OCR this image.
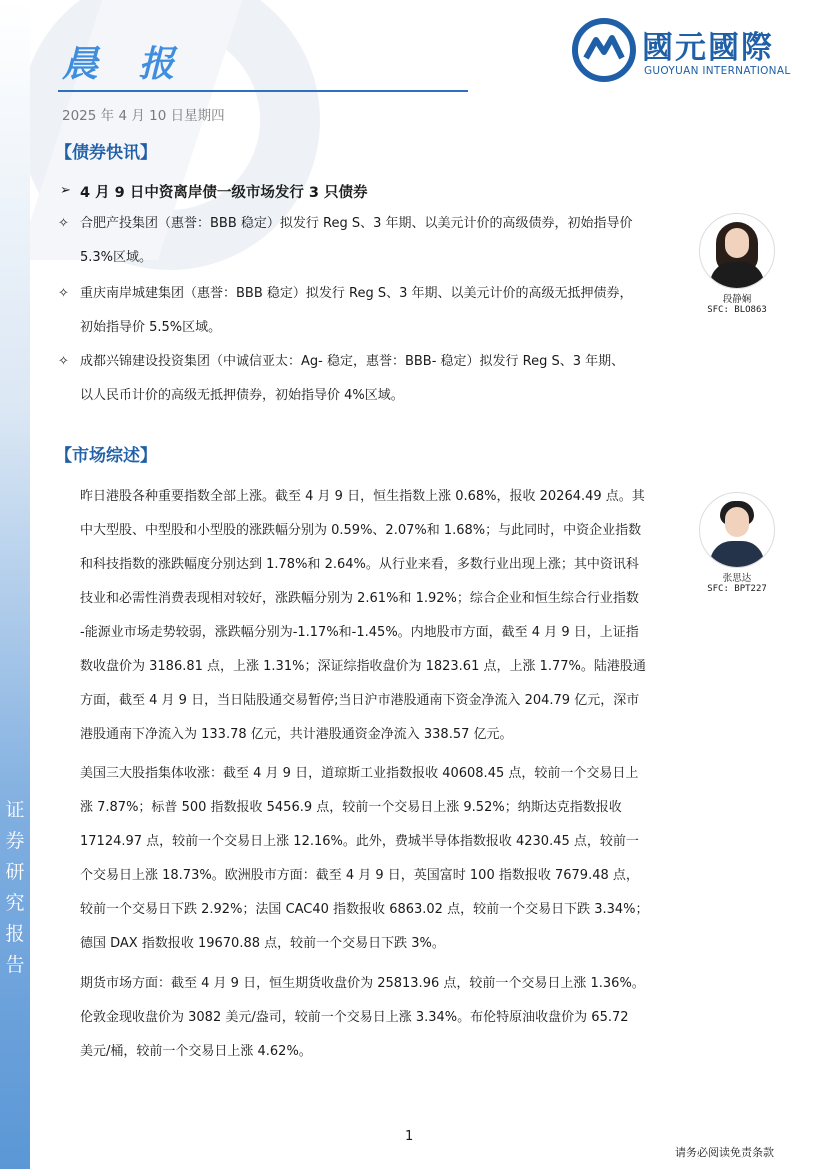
证
券
研
究
报
告
晨 报
2025 年 4 月 10 日星期四
國元國際
GUOYUAN INTERNATIONAL
【债券快讯】
➢ 4 月 9 日中资离岸债一级市场发行 3 只债券
✧ 合肥产投集团（惠誉：BBB 稳定）拟发行 Reg S、3 年期、以美元计价的高级债券，初始指导价
5.3%区域。
✧ 重庆南岸城建集团（惠誉：BBB 稳定）拟发行 Reg S、3 年期、以美元计价的高级无抵押债券，
初始指导价 5.5%区域。
✧ 成都兴锦建设投资集团（中诚信亚太：Ag- 稳定，惠誉：BBB- 稳定）拟发行 Reg S、3 年期、
以人民币计价的高级无抵押债券，初始指导价 4%区域。
【市场综述】
昨日港股各种重要指数全部上涨。截至 4 月 9 日，恒生指数上涨 0.68%，报收 20264.49 点。其
中大型股、中型股和小型股的涨跌幅分别为 0.59%、2.07%和 1.68%；与此同时，中资企业指数
和科技指数的涨跌幅度分别达到 1.78%和 2.64%。从行业来看，多数行业出现上涨；其中资讯科
技业和必需性消费表现相对较好，涨跌幅分别为 2.61%和 1.92%；综合企业和恒生综合行业指数
-能源业市场走势较弱，涨跌幅分别为-1.17%和-1.45%。内地股市方面，截至 4 月 9 日，上证指
数收盘价为 3186.81 点，上涨 1.31%；深证综指收盘价为 1823.61 点，上涨 1.77%。陆港股通
方面，截至 4 月 9 日，当日陆股通交易暂停;当日沪市港股通南下资金净流入 204.79 亿元，深市
港股通南下净流入为 133.78 亿元，共计港股通资金净流入 338.57 亿元。
美国三大股指集体收涨：截至 4 月 9 日，道琼斯工业指数报收 40608.45 点，较前一个交易日上
涨 7.87%；标普 500 指数报收 5456.9 点，较前一个交易日上涨 9.52%；纳斯达克指数报收
17124.97 点，较前一个交易日上涨 12.16%。此外，费城半导体指数报收 4230.45 点，较前一
个交易日上涨 18.73%。欧洲股市方面：截至 4 月 9 日，英国富时 100 指数报收 7679.48 点，
较前一个交易日下跌 2.92%；法国 CAC40 指数报收 6863.02 点，较前一个交易日下跌 3.34%；
德国 DAX 指数报收 19670.88 点，较前一个交易日下跌 3%。
期货市场方面：截至 4 月 9 日，恒生期货收盘价为 25813.96 点，较前一个交易日上涨 1.36%。
伦敦金现收盘价为 3082 美元/盎司，较前一个交易日上涨 3.34%。布伦特原油收盘价为 65.72
美元/桶，较前一个交易日上涨 4.62%。
段静娴
SFC: BLO863
张思达
SFC: BPT227
1
请务必阅读免责条款
